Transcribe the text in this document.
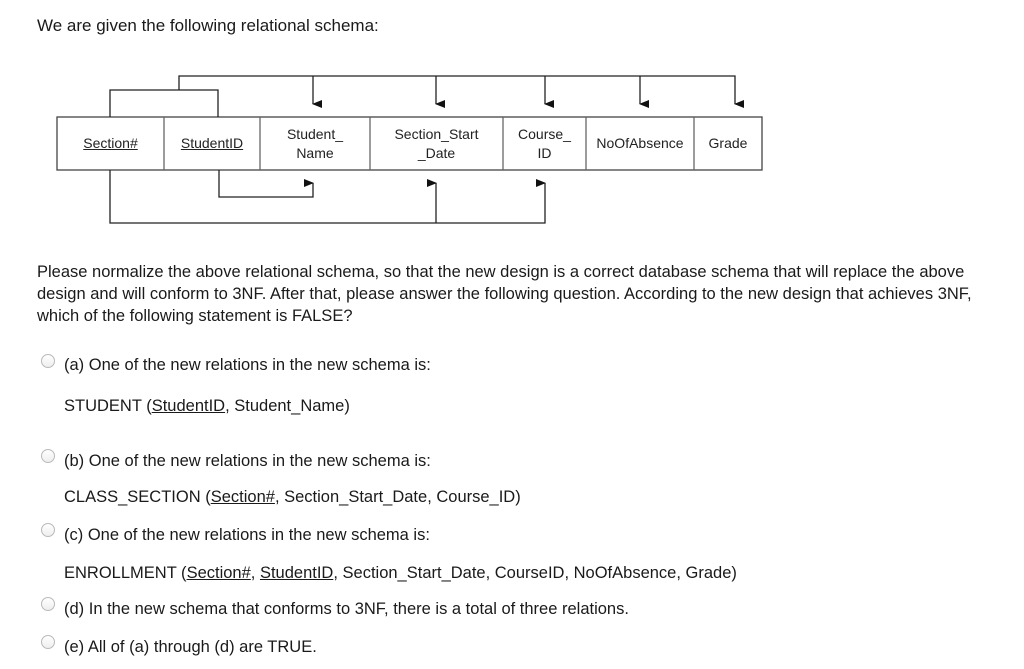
We are given the following relational schema:
Section#	StudentID
Student_
Name
Section_Start
_Date
Course_
ID
NoOfAbsence Grade
Please normalize the above relational schema, so that the new design is a correct database schema that will replace the above design and will conform to 3NF. After that, please answer the following question. According to the new design that achieves 3NF, which of the following statement is FALSE?
(a) One of the new relations in the new schema is:
STUDENT (StudentID, Student_Name)
(b) One of the new relations in the new schema is:
CLASS_SECTION (Section#, Section_Start_Date, Course_ID)
(c) One of the new relations in the new schema is:
ENROLLMENT (Section#, StudentID, Section_Start_Date, CourseID, NoOfAbsence, Grade)
(d) In the new schema that conforms to 3NF, there is a total of three relations.
(e) All of (a) through (d) are TRUE.
